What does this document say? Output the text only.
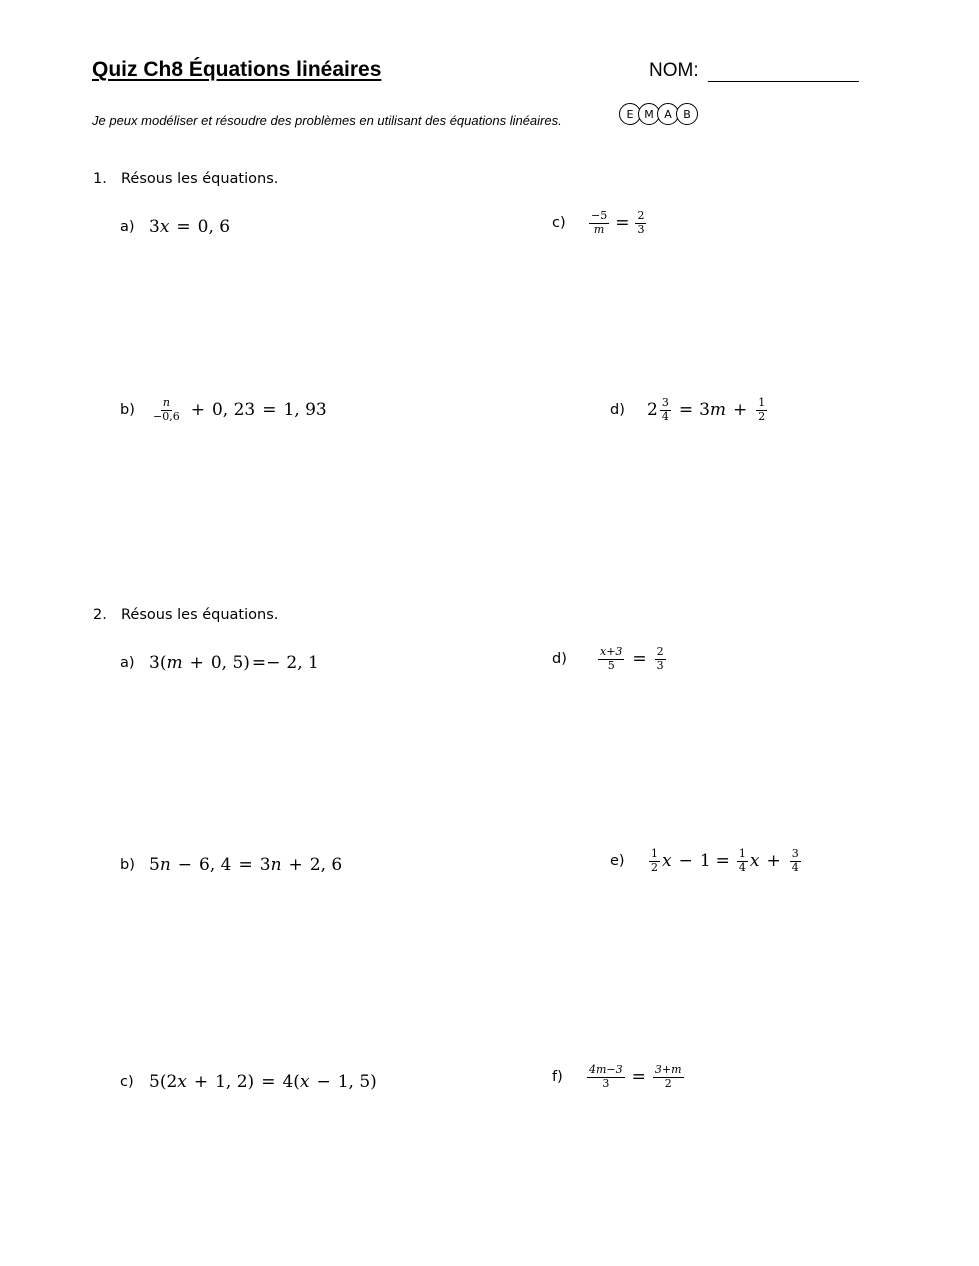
Quiz Ch8 Équations linéaires	NOM:
Je peux modéliser et résoudre des problèmes en utilisant des équations linéaires.	E M A	B
1. Résous les équations.
a) 3 x = 0, 6	c)	$\frac{-5}{m} = \frac{2}{3}$
b)	$\frac{n}{-0,6} + 0$, 23 = 1, 93	d)	$2 \frac{3}{4} = 3$ $m + \frac{1}{2}$
2. Résous les équations.
a) 3( m + 0, 5) =− 2, 1	d)	$\frac{x+3}{5} = \frac{2}{3}$
b) 5 n − 6, 4 = 3 n + 2, 6	e)	$\frac{1}{2}$ $x - 1 = \frac{1}{4}$ $x + \frac{3}{4}$
c) 5(2 x + 1, 2) = 4( x − 1, 5)	f)	$\frac{4m-3}{3} = \frac{3+m}{2}$
